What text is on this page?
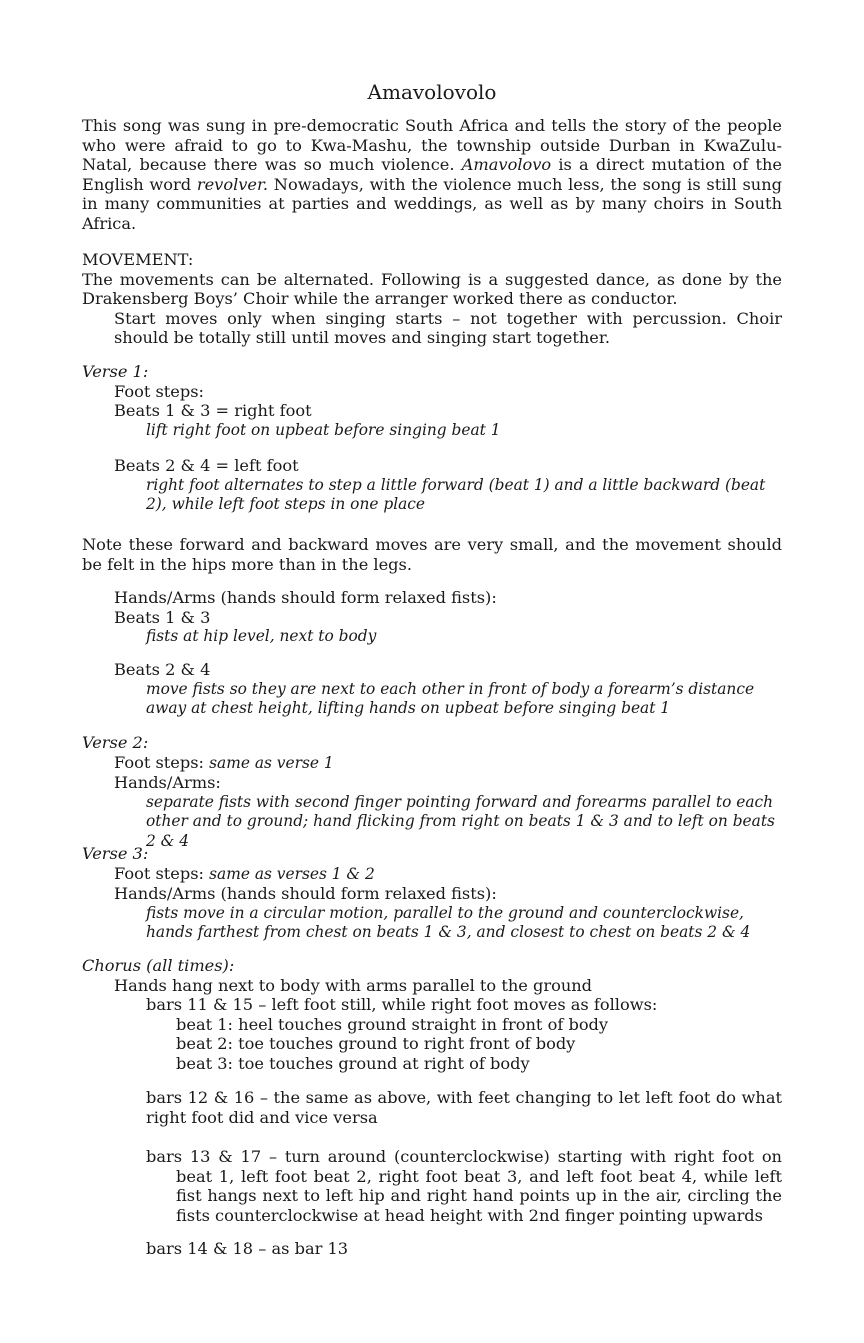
Amavolovolo

This song was sung in pre-democratic South Africa and tells the story of the people who were afraid to go to Kwa-Mashu, the township outside Durban in KwaZulu-Natal, because there was so much violence. Amavolovo is a direct mutation of the English word revolver. Nowadays, with the violence much less, the song is still sung in many communities at parties and weddings, as well as by many choirs in South Africa.

MOVEMENT:

The movements can be alternated. Following is a suggested dance, as done by the Drakensberg Boys’ Choir while the arranger worked there as conductor.

Start moves only when singing starts – not together with percussion. Choir should be totally still until moves and singing start together.

Verse 1:

Foot steps:

Beats 1 & 3 = right foot

lift right foot on upbeat before singing beat 1

Beats 2 & 4 = left foot

right foot alternates to step a little forward (beat 1) and a little backward (beat 2), while left foot steps in one place

Note these forward and backward moves are very small, and the movement should be felt in the hips more than in the legs.

Hands/Arms (hands should form relaxed fists):

Beats 1 & 3

fists at hip level, next to body

Beats 2 & 4

move fists so they are next to each other in front of body a forearm’s distance away at chest height, lifting hands on upbeat before singing beat 1

Verse 2:

Foot steps: same as verse 1

Hands/Arms:

separate fists with second finger pointing forward and forearms parallel to each other and to ground; hand flicking from right on beats 1 & 3 and to left on beats 2 & 4

Verse 3:

Foot steps: same as verses 1 & 2

Hands/Arms (hands should form relaxed fists):

fists move in a circular motion, parallel to the ground and counterclockwise, hands farthest from chest on beats 1 & 3, and closest to chest on beats 2 & 4

Chorus (all times):

Hands hang next to body with arms parallel to the ground

bars 11 & 15 – left foot still, while right foot moves as follows:

beat 1: heel touches ground straight in front of body

beat 2: toe touches ground to right front of body

beat 3: toe touches ground at right of body

bars 12 & 16 – the same as above, with feet changing to let left foot do what right foot did and vice versa

bars 13 & 17 – turn around (counterclockwise) starting with right foot on beat 1, left foot beat 2, right foot beat 3, and left foot beat 4, while left fist hangs next to left hip and right hand points up in the air, circling the fists counterclockwise at head height with 2nd finger pointing upwards

bars 14 & 18 – as bar 13
